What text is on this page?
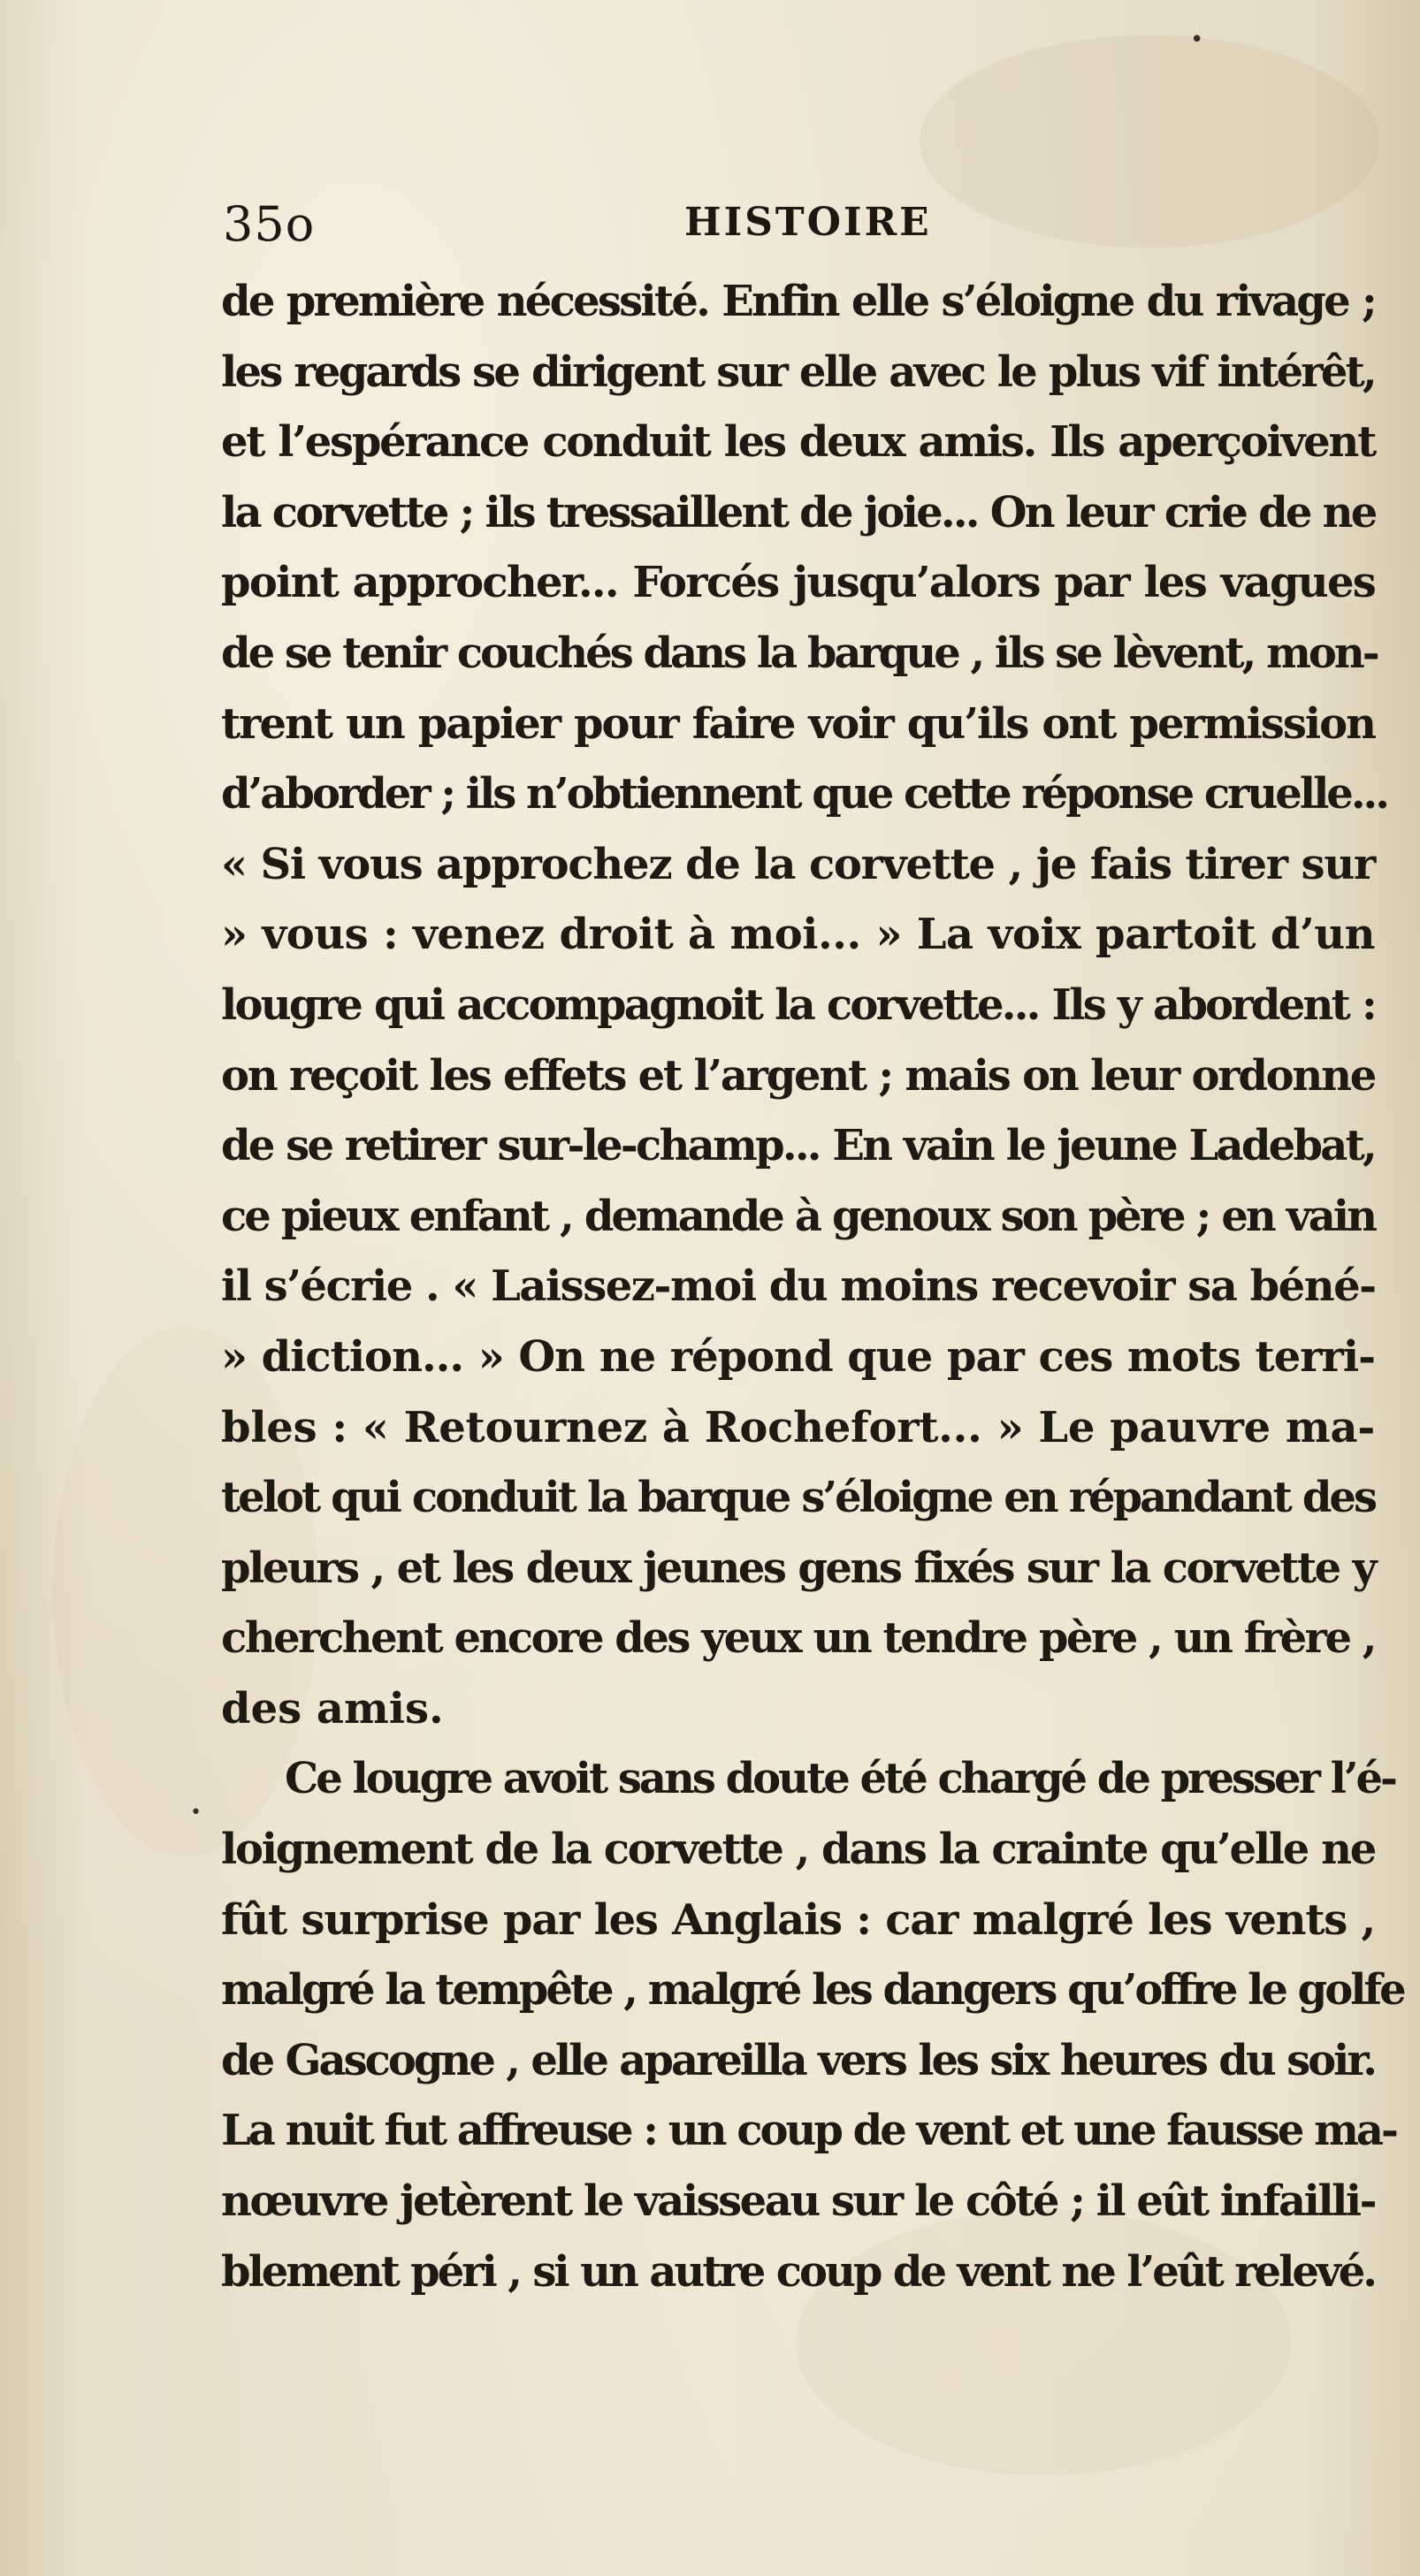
•
•
35o	HISTOIRE
de première nécessité. Enfin elle s’éloigne du rivage ;
les regards se dirigent sur elle avec le plus vif intérêt,
et l’espérance conduit les deux amis. Ils aperçoivent
la corvette ; ils tressaillent de joie... On leur crie de ne
point approcher... Forcés jusqu’alors par les vagues
de se tenir couchés dans la barque , ils se lèvent, mon-
trent un papier pour faire voir qu’ils ont permission
d’aborder ; ils n’obtiennent que cette réponse cruelle...
« Si vous approchez de la corvette , je fais tirer sur
» vous : venez droit à moi... » La voix partoit d’un
lougre qui accompagnoit la corvette... Ils y abordent :
on reçoit les effets et l’argent ; mais on leur ordonne
de se retirer sur-le-champ... En vain le jeune Ladebat,
ce pieux enfant , demande à genoux son père ; en vain
il s’écrie . « Laissez-moi du moins recevoir sa béné-
» diction... » On ne répond que par ces mots terri-
bles : « Retournez à Rochefort... » Le pauvre ma-
telot qui conduit la barque s’éloigne en répandant des
pleurs , et les deux jeunes gens fixés sur la corvette y
cherchent encore des yeux un tendre père , un frère ,
des amis.
Ce lougre avoit sans doute été chargé de presser l’é-
loignement de la corvette , dans la crainte qu’elle ne
fût surprise par les Anglais : car malgré les vents ,
malgré la tempête , malgré les dangers qu’offre le golfe
de Gascogne , elle apareilla vers les six heures du soir.
La nuit fut affreuse : un coup de vent et une fausse ma-
nœuvre jetèrent le vaisseau sur le côté ; il eût infailli-
blement péri , si un autre coup de vent ne l’eût relevé.
